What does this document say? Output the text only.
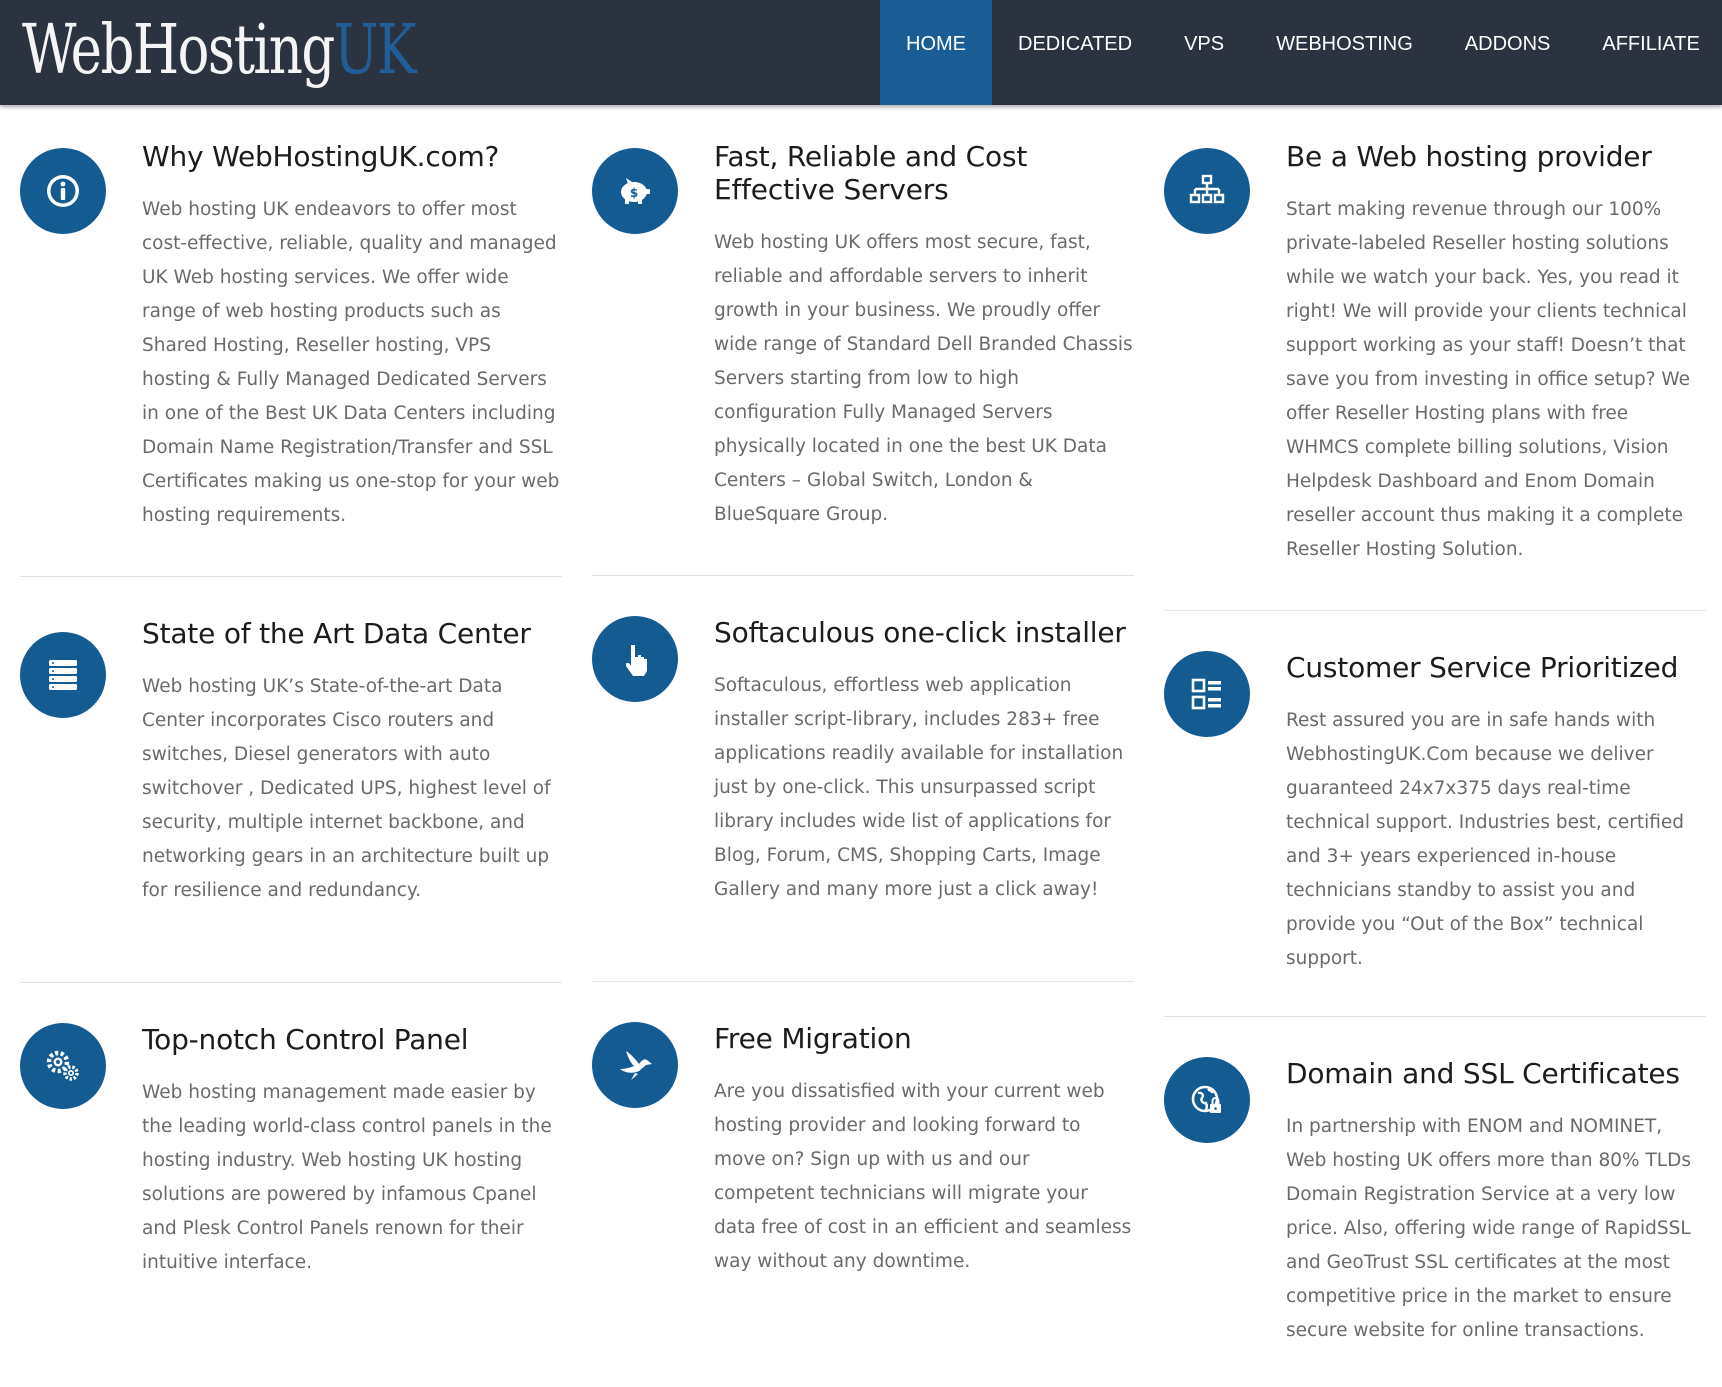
WebHostingUK	HOME	DEDICATED	VPS	WEBHOSTING	ADDONS	AFFILIATE
Why WebHostingUK.com?

Web hosting UK endeavors to offer most cost-effective, reliable, quality and managed UK Web hosting services. We offer wide range of web hosting products such as Shared Hosting, Reseller hosting, VPS hosting & Fully Managed Dedicated Servers in one of the Best UK Data Centers including Domain Name Registration/Transfer and SSL Certificates making us one-stop for your web hosting requirements.

State of the Art Data Center

Web hosting UK’s State-of-the-art Data Center incorporates Cisco routers and switches, Diesel generators with auto switchover , Dedicated UPS, highest level of security, multiple internet backbone, and networking gears in an architecture built up for resilience and redundancy.

Top-notch Control Panel

Web hosting management made easier by the leading world-class control panels in the hosting industry. Web hosting UK hosting solutions are powered by infamous Cpanel and Plesk Control Panels renown for their intuitive interface.

$
Fast, Reliable and Cost Effective Servers

Web hosting UK offers most secure, fast, reliable and affordable servers to inherit growth in your business. We proudly offer wide range of Standard Dell Branded Chassis Servers starting from low to high configuration Fully Managed Servers physically located in one the best UK Data Centers – Global Switch, London & BlueSquare Group.

Softaculous one-click installer

Softaculous, effortless web application installer script-library, includes 283+ free applications readily available for installation just by one-click. This unsurpassed script library includes wide list of applications for Blog, Forum, CMS, Shopping Carts, Image Gallery and many more just a click away!

Free Migration

Are you dissatisfied with your current web hosting provider and looking forward to move on? Sign up with us and our competent technicians will migrate your data free of cost in an efficient and seamless way without any downtime.

Be a Web hosting provider

Start making revenue through our 100% private-labeled Reseller hosting solutions while we watch your back. Yes, you read it right! We will provide your clients technical support working as your staff! Doesn’t that save you from investing in office setup? We offer Reseller Hosting plans with free WHMCS complete billing solutions, Vision Helpdesk Dashboard and Enom Domain reseller account thus making it a complete Reseller Hosting Solution.

Customer Service Prioritized

Rest assured you are in safe hands with WebhostingUK.Com because we deliver guaranteed 24x7x375 days real-time technical support. Industries best, certified and 3+ years experienced in-house technicians standby to assist you and provide you “Out of the Box” technical support.

Domain and SSL Certificates

In partnership with ENOM and NOMINET, Web hosting UK offers more than 80% TLDs Domain Registration Service at a very low price. Also, offering wide range of RapidSSL and GeoTrust SSL certificates at the most competitive price in the market to ensure secure website for online transactions.
